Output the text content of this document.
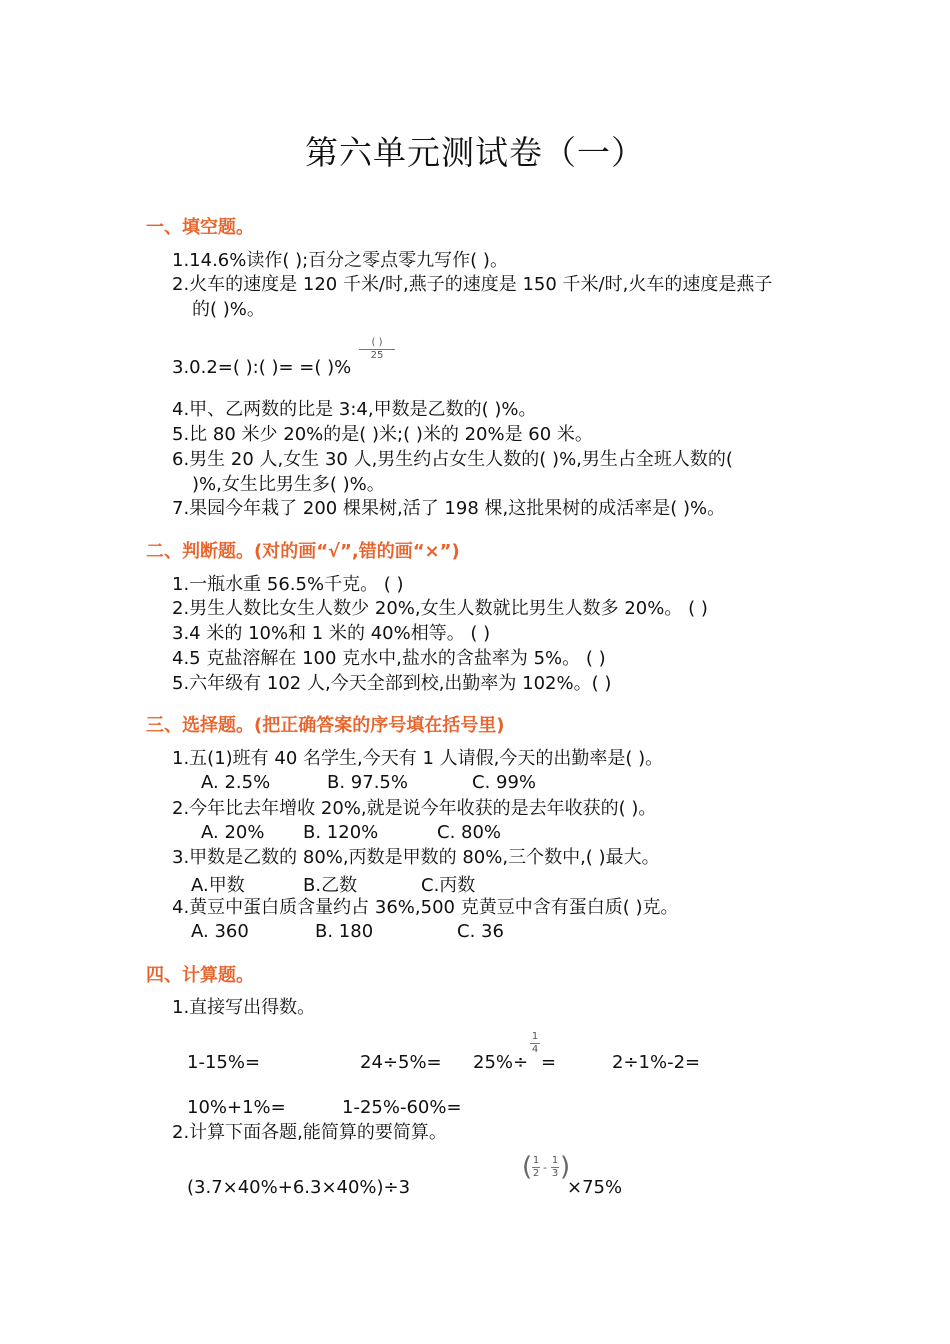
第六单元测试卷（一）
一、填空题。
1.14.6%读作( );百分之零点零九写作( )。
2.火车的速度是 120 千米/时,燕子的速度是 150 千米/时,火车的速度是燕子
的( )%。
( )
25
3.0.2=( ):( )= =( )%
4.甲、乙两数的比是 3:4,甲数是乙数的( )%。
5.比 80 米少 20%的是( )米;( )米的 20%是 60 米。
6.男生 20 人,女生 30 人,男生约占女生人数的( )%,男生占全班人数的(
)%,女生比男生多( )%。
7.果园今年栽了 200 棵果树,活了 198 棵,这批果树的成活率是( )%。
二、判断题。(对的画“√”,错的画“×”)
1.一瓶水重 56.5%千克。 ( )
2.男生人数比女生人数少 20%,女生人数就比男生人数多 20%。 ( )
3.4 米的 10%和 1 米的 40%相等。 ( )
4.5 克盐溶解在 100 克水中,盐水的含盐率为 5%。 ( )
5.六年级有 102 人,今天全部到校,出勤率为 102%。( )
三、选择题。(把正确答案的序号填在括号里)
1.五(1)班有 40 名学生,今天有 1 人请假,今天的出勤率是( )。
A. 2.5%	B. 97.5%	C. 99%
2.今年比去年增收 20%,就是说今年收获的是去年收获的( )。
A. 20% B. 120%	C. 80%
3.甲数是乙数的 80%,丙数是甲数的 80%,三个数中,( )最大。
A.甲数	B.乙数	C.丙数
4.黄豆中蛋白质含量约占 36%,500 克黄豆中含有蛋白质( )克。
A. 360	B. 180	C. 36
四、计算题。
1.直接写出得数。
1-15%=	24÷5%= 25%÷
1
4
=	2÷1%-2=
10%+1%=	1-25%-60%=
2.计算下面各题,能简算的要简算。
(3.7×40%+6.3×40%)÷3
( 1
2 -
1
3 )
×75%
